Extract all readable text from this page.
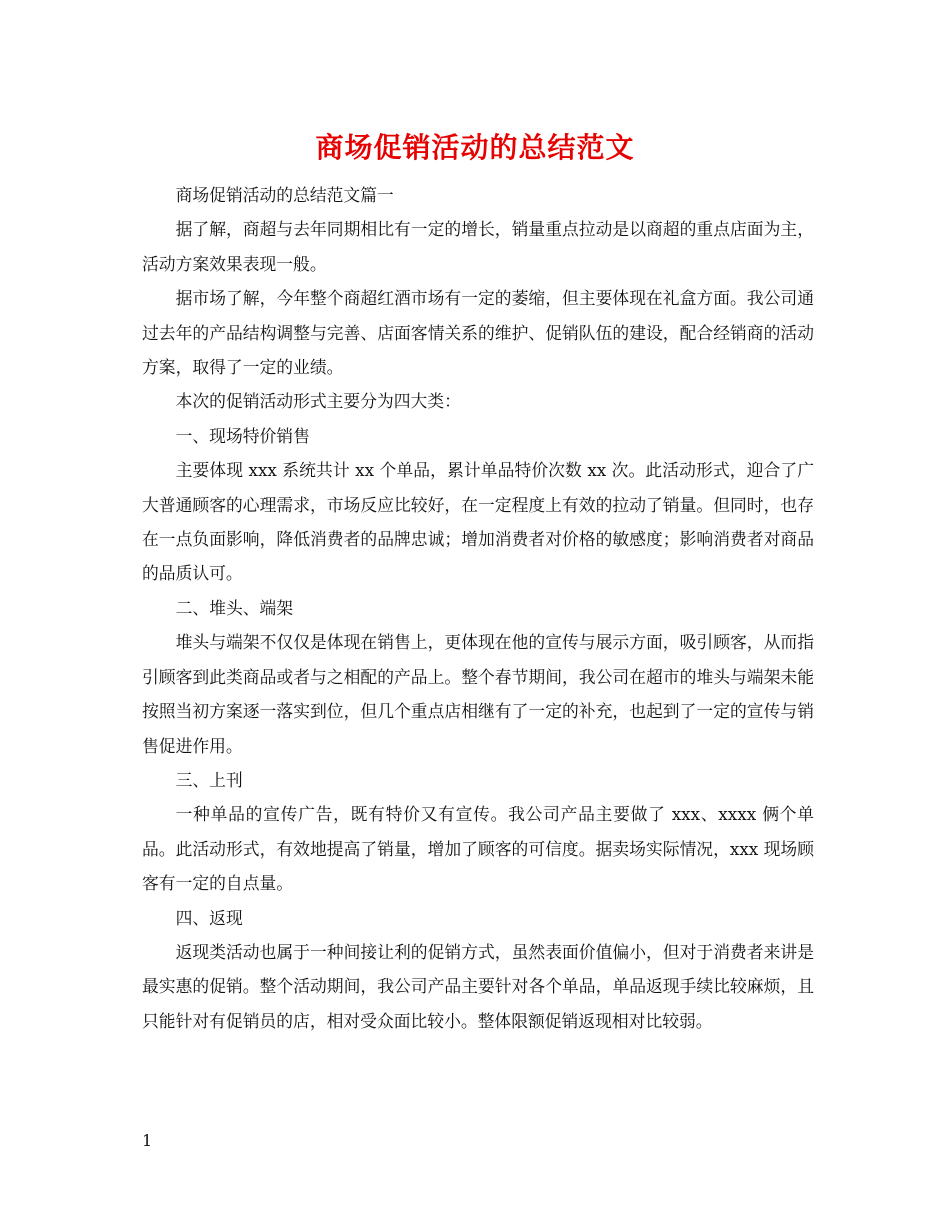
商场促销活动的总结范文

商场促销活动的总结范文篇一

据了解，商超与去年同期相比有一定的增长，销量重点拉动是以商超的重点店面为主，活动方案效果表现一般。

据市场了解，今年整个商超红酒市场有一定的萎缩，但主要体现在礼盒方面。我公司通过去年的产品结构调整与完善、店面客情关系的维护、促销队伍的建设，配合经销商的活动方案，取得了一定的业绩。

本次的促销活动形式主要分为四大类：

一、现场特价销售

主要体现 xxx 系统共计 xx 个单品，累计单品特价次数 xx 次。此活动形式，迎合了广大普通顾客的心理需求，市场反应比较好，在一定程度上有效的拉动了销量。但同时，也存在一点负面影响，降低消费者的品牌忠诚；增加消费者对价格的敏感度；影响消费者对商品的品质认可。

二、堆头、端架

堆头与端架不仅仅是体现在销售上，更体现在他的宣传与展示方面，吸引顾客，从而指引顾客到此类商品或者与之相配的产品上。整个春节期间，我公司在超市的堆头与端架未能按照当初方案逐一落实到位，但几个重点店相继有了一定的补充，也起到了一定的宣传与销售促进作用。

三、上刊

一种单品的宣传广告，既有特价又有宣传。我公司产品主要做了 xxx、xxxx 俩个单品。此活动形式，有效地提高了销量，增加了顾客的可信度。据卖场实际情况，xxx 现场顾客有一定的自点量。

四、返现

返现类活动也属于一种间接让利的促销方式，虽然表面价值偏小，但对于消费者来讲是最实惠的促销。整个活动期间，我公司产品主要针对各个单品，单品返现手续比较麻烦，且只能针对有促销员的店，相对受众面比较小。整体限额促销返现相对比较弱。

1
